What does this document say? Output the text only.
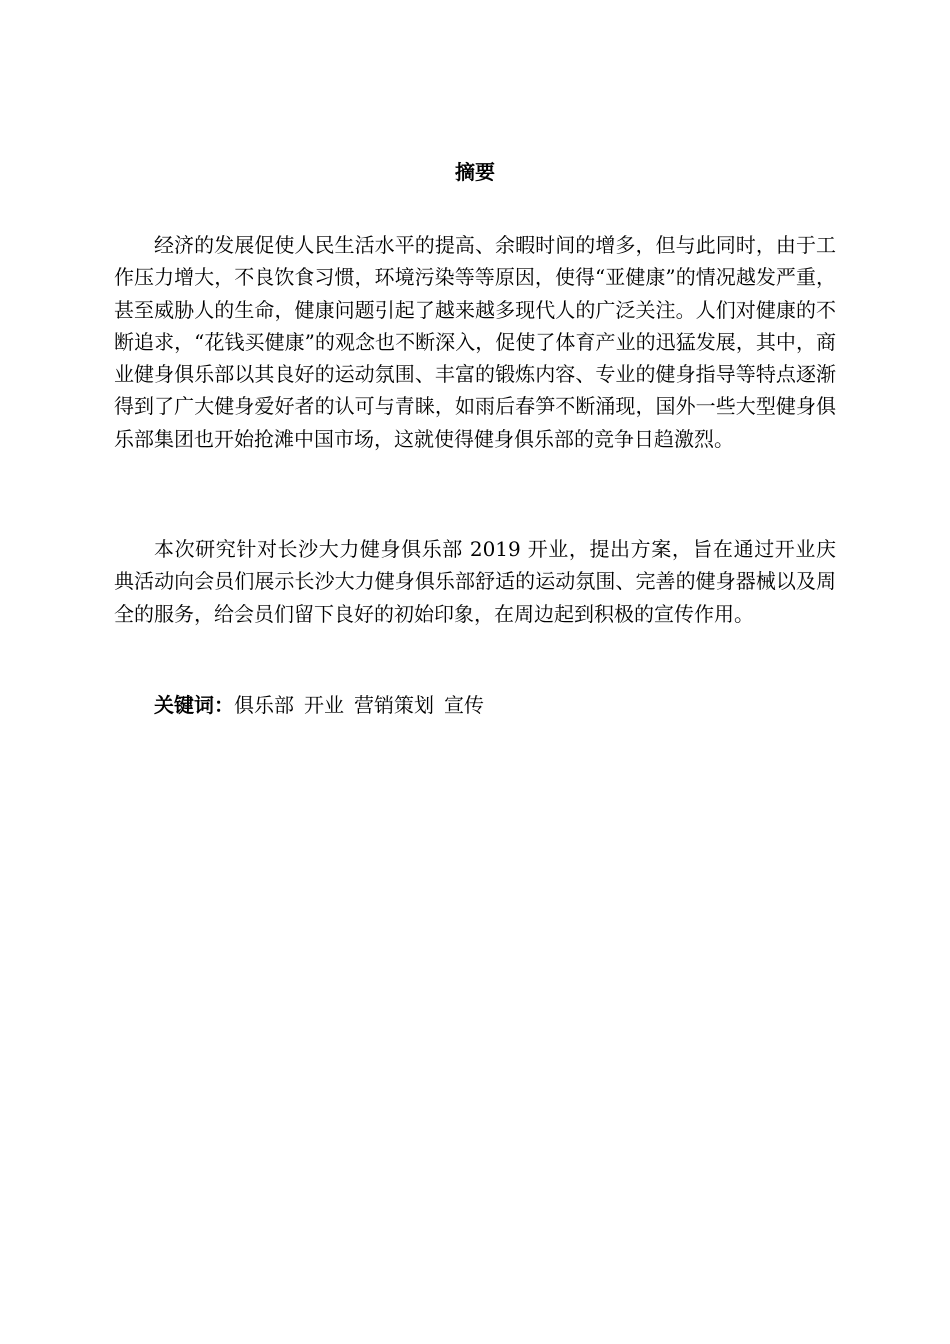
摘要

经济的发展促使人民生活水平的提高、余暇时间的增多，但与此同时，由于工作压力增大，不良饮食习惯，环境污染等等原因，使得“亚健康”的情况越发严重，甚至威胁人的生命，健康问题引起了越来越多现代人的广泛关注。人们对健康的不断追求，“花钱买健康”的观念也不断深入，促使了体育产业的迅猛发展，其中，商业健身俱乐部以其良好的运动氛围、丰富的锻炼内容、专业的健身指导等特点逐渐得到了广大健身爱好者的认可与青睐，如雨后春笋不断涌现，国外一些大型健身俱乐部集团也开始抢滩中国市场，这就使得健身俱乐部的竞争日趋激烈。

本次研究针对长沙大力健身俱乐部 2019 开业，提出方案，旨在通过开业庆典活动向会员们展示长沙大力健身俱乐部舒适的运动氛围、完善的健身器械以及周全的服务，给会员们留下良好的初始印象，在周边起到积极的宣传作用。

关键词：俱乐部 开业 营销策划 宣传
